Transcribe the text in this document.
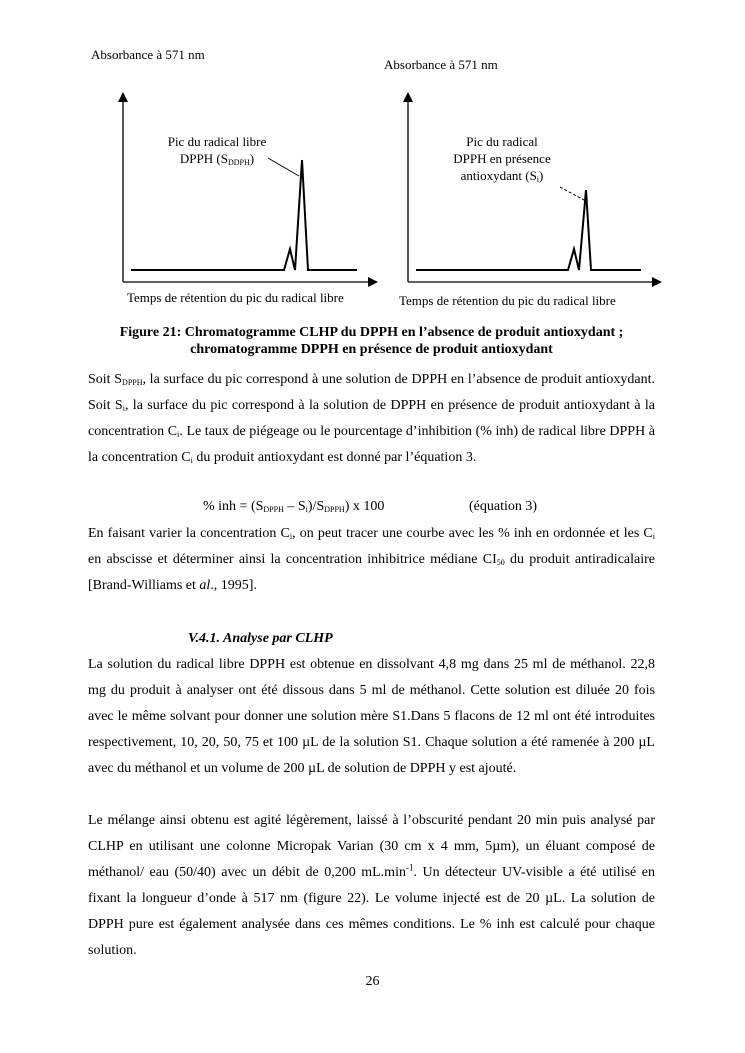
Absorbance à 571 nm
Absorbance à 571 nm
Pic du radical libre
DPPH $(S_{DDPH})$
Pic du radical
DPPH en présence
antioxydant $(S_i)$
Temps de rétention du pic du radical libre	Temps de rétention du pic du radical libre
Figure 21: Chromatogramme CLHP du DPPH en l’absence de produit antioxydant ;
chromatogramme DPPH en présence de produit antioxydant
Soit $S_{DPPH}$, la surface du pic correspond à une solution de DPPH en l’absence de produit antioxydant. Soit $S_i$, la surface du pic correspond à la solution de DPPH en présence de produit antioxydant à la concentration $C_i$. Le taux de piégeage ou le pourcentage d’inhibition (% inh) de radical libre DPPH à la concentration $C_i$ du produit antioxydant est donné par l’équation 3.
% inh = $(S_{DPPH} - S_i)/S_{DPPH}$) x 100	(équation 3)
En faisant varier la concentration $C_i$, on peut tracer une courbe avec les % inh en ordonnée et les $C_i$ en abscisse et déterminer ainsi la concentration inhibitrice médiane $CI_{50}$ du produit antiradicalaire [Brand-Williams et al., 1995].
V.4.1. Analyse par CLHP
La solution du radical libre DPPH est obtenue en dissolvant 4,8 mg dans 25 ml de méthanol. 22,8 mg du produit à analyser ont été dissous dans 5 ml de méthanol. Cette solution est diluée 20 fois avec le même solvant pour donner une solution mère S1.Dans 5 flacons de 12 ml ont été introduites respectivement, 10, 20, 50, 75 et 100 µL de la solution S1. Chaque solution a été ramenée à 200 µL avec du méthanol et un volume de 200 µL de solution de DPPH y est ajouté.
Le mélange ainsi obtenu est agité légèrement, laissé à l’obscurité pendant 20 min puis analysé par CLHP en utilisant une colonne Micropak Varian (30 cm x 4 mm, 5µm), un éluant composé de méthanol/ eau (50/40) avec un débit de 0,200 $mL.\min^{-1}$. Un détecteur UV-visible a été utilisé en fixant la longueur d’onde à 517 nm (figure 22). Le volume injecté est de 20 µL. La solution de DPPH pure est également analysée dans ces mêmes conditions. Le % inh est calculé pour chaque solution.
26
